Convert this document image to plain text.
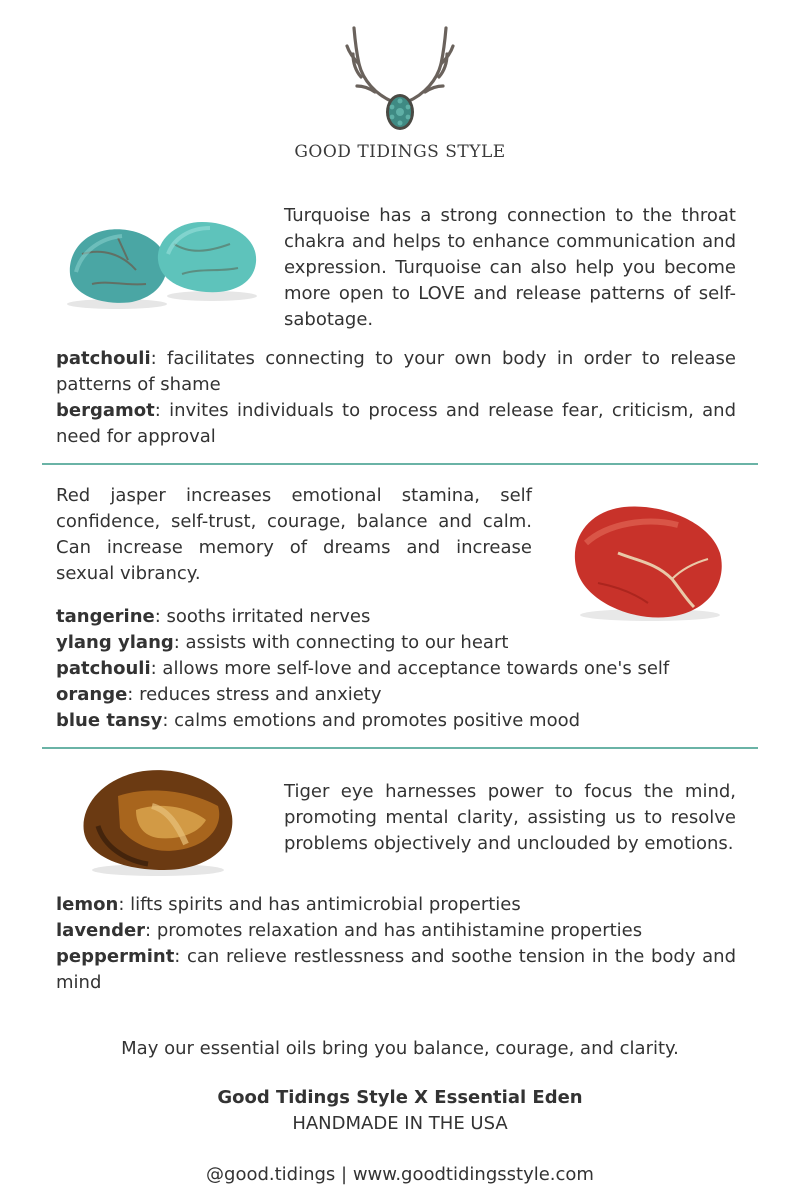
GOOD TIDINGS STYLE
Turquoise has a strong connection to the throat chakra and helps to enhance communication and expression. Turquoise can also help you become more open to LOVE and release patterns of self-sabotage.
patchouli: facilitates connecting to your own body in order to release patterns of shame
bergamot: invites individuals to process and release fear, criticism, and need for approval
Red jasper increases emotional stamina, self confidence, self-trust, courage, balance and calm. Can increase memory of dreams and increase sexual vibrancy.
tangerine: sooths irritated nerves
ylang ylang: assists with connecting to our heart
patchouli: allows more self-love and acceptance towards one's self
orange: reduces stress and anxiety
blue tansy: calms emotions and promotes positive mood
Tiger eye harnesses power to focus the mind, promoting mental clarity, assisting us to resolve problems objectively and unclouded by emotions.
lemon: lifts spirits and has antimicrobial properties
lavender: promotes relaxation and has antihistamine properties
peppermint: can relieve restlessness and soothe tension in the body and mind
May our essential oils bring you balance, courage, and clarity.
Good Tidings Style X Essential Eden
HANDMADE IN THE USA
@good.tidings | www.goodtidingsstyle.com
